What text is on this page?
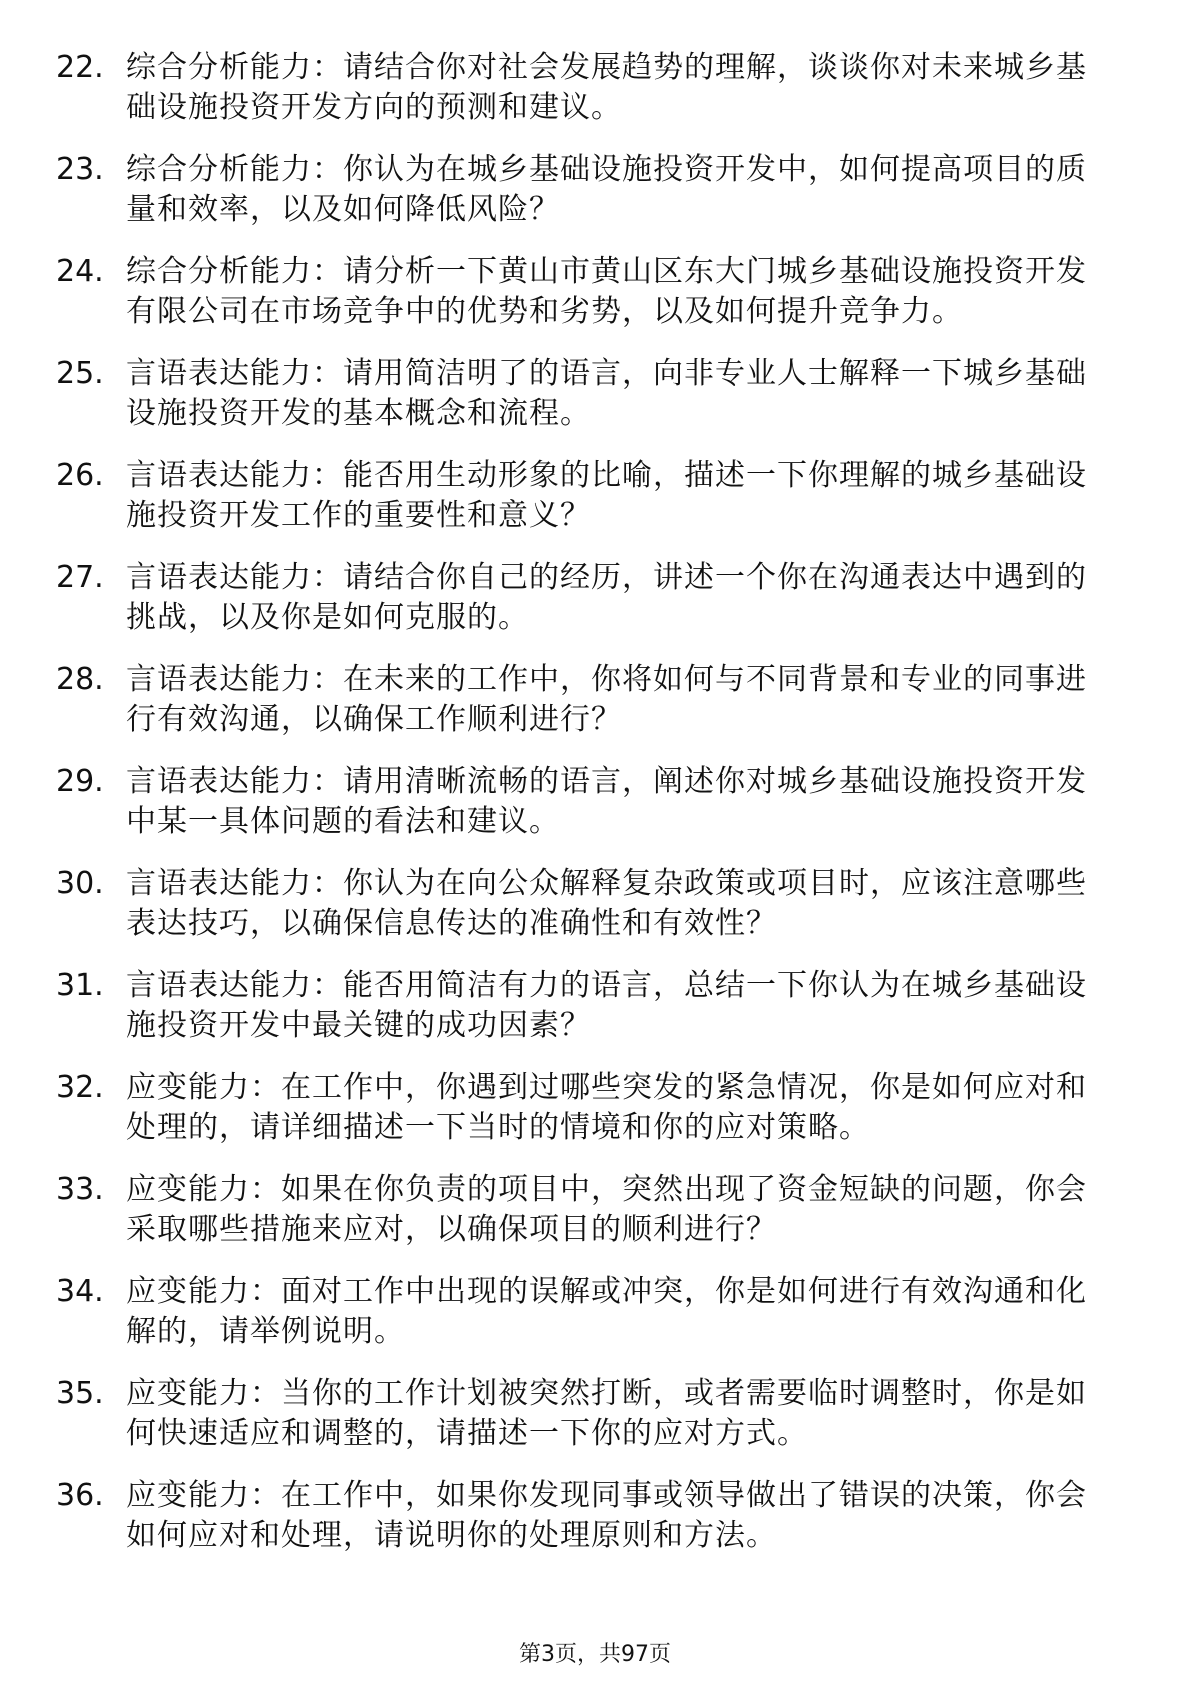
22. 综合分析能力：请结合你对社会发展趋势的理解，谈谈你对未来城乡基础设施投资开发方向的预测和建议。
23. 综合分析能力：你认为在城乡基础设施投资开发中，如何提高项目的质量和效率，以及如何降低风险？
24. 综合分析能力：请分析一下黄山市黄山区东大门城乡基础设施投资开发有限公司在市场竞争中的优势和劣势，以及如何提升竞争力。
25. 言语表达能力：请用简洁明了的语言，向非专业人士解释一下城乡基础设施投资开发的基本概念和流程。
26. 言语表达能力：能否用生动形象的比喻，描述一下你理解的城乡基础设施投资开发工作的重要性和意义？
27. 言语表达能力：请结合你自己的经历，讲述一个你在沟通表达中遇到的挑战，以及你是如何克服的。
28. 言语表达能力：在未来的工作中，你将如何与不同背景和专业的同事进行有效沟通，以确保工作顺利进行？
29. 言语表达能力：请用清晰流畅的语言，阐述你对城乡基础设施投资开发中某一具体问题的看法和建议。
30. 言语表达能力：你认为在向公众解释复杂政策或项目时，应该注意哪些表达技巧，以确保信息传达的准确性和有效性？
31. 言语表达能力：能否用简洁有力的语言，总结一下你认为在城乡基础设施投资开发中最关键的成功因素？
32. 应变能力：在工作中，你遇到过哪些突发的紧急情况，你是如何应对和处理的，请详细描述一下当时的情境和你的应对策略。
33. 应变能力：如果在你负责的项目中，突然出现了资金短缺的问题，你会采取哪些措施来应对，以确保项目的顺利进行？
34. 应变能力：面对工作中出现的误解或冲突，你是如何进行有效沟通和化解的，请举例说明。
35. 应变能力：当你的工作计划被突然打断，或者需要临时调整时，你是如何快速适应和调整的，请描述一下你的应对方式。
36. 应变能力：在工作中，如果你发现同事或领导做出了错误的决策，你会如何应对和处理，请说明你的处理原则和方法。
第3页，共97页
